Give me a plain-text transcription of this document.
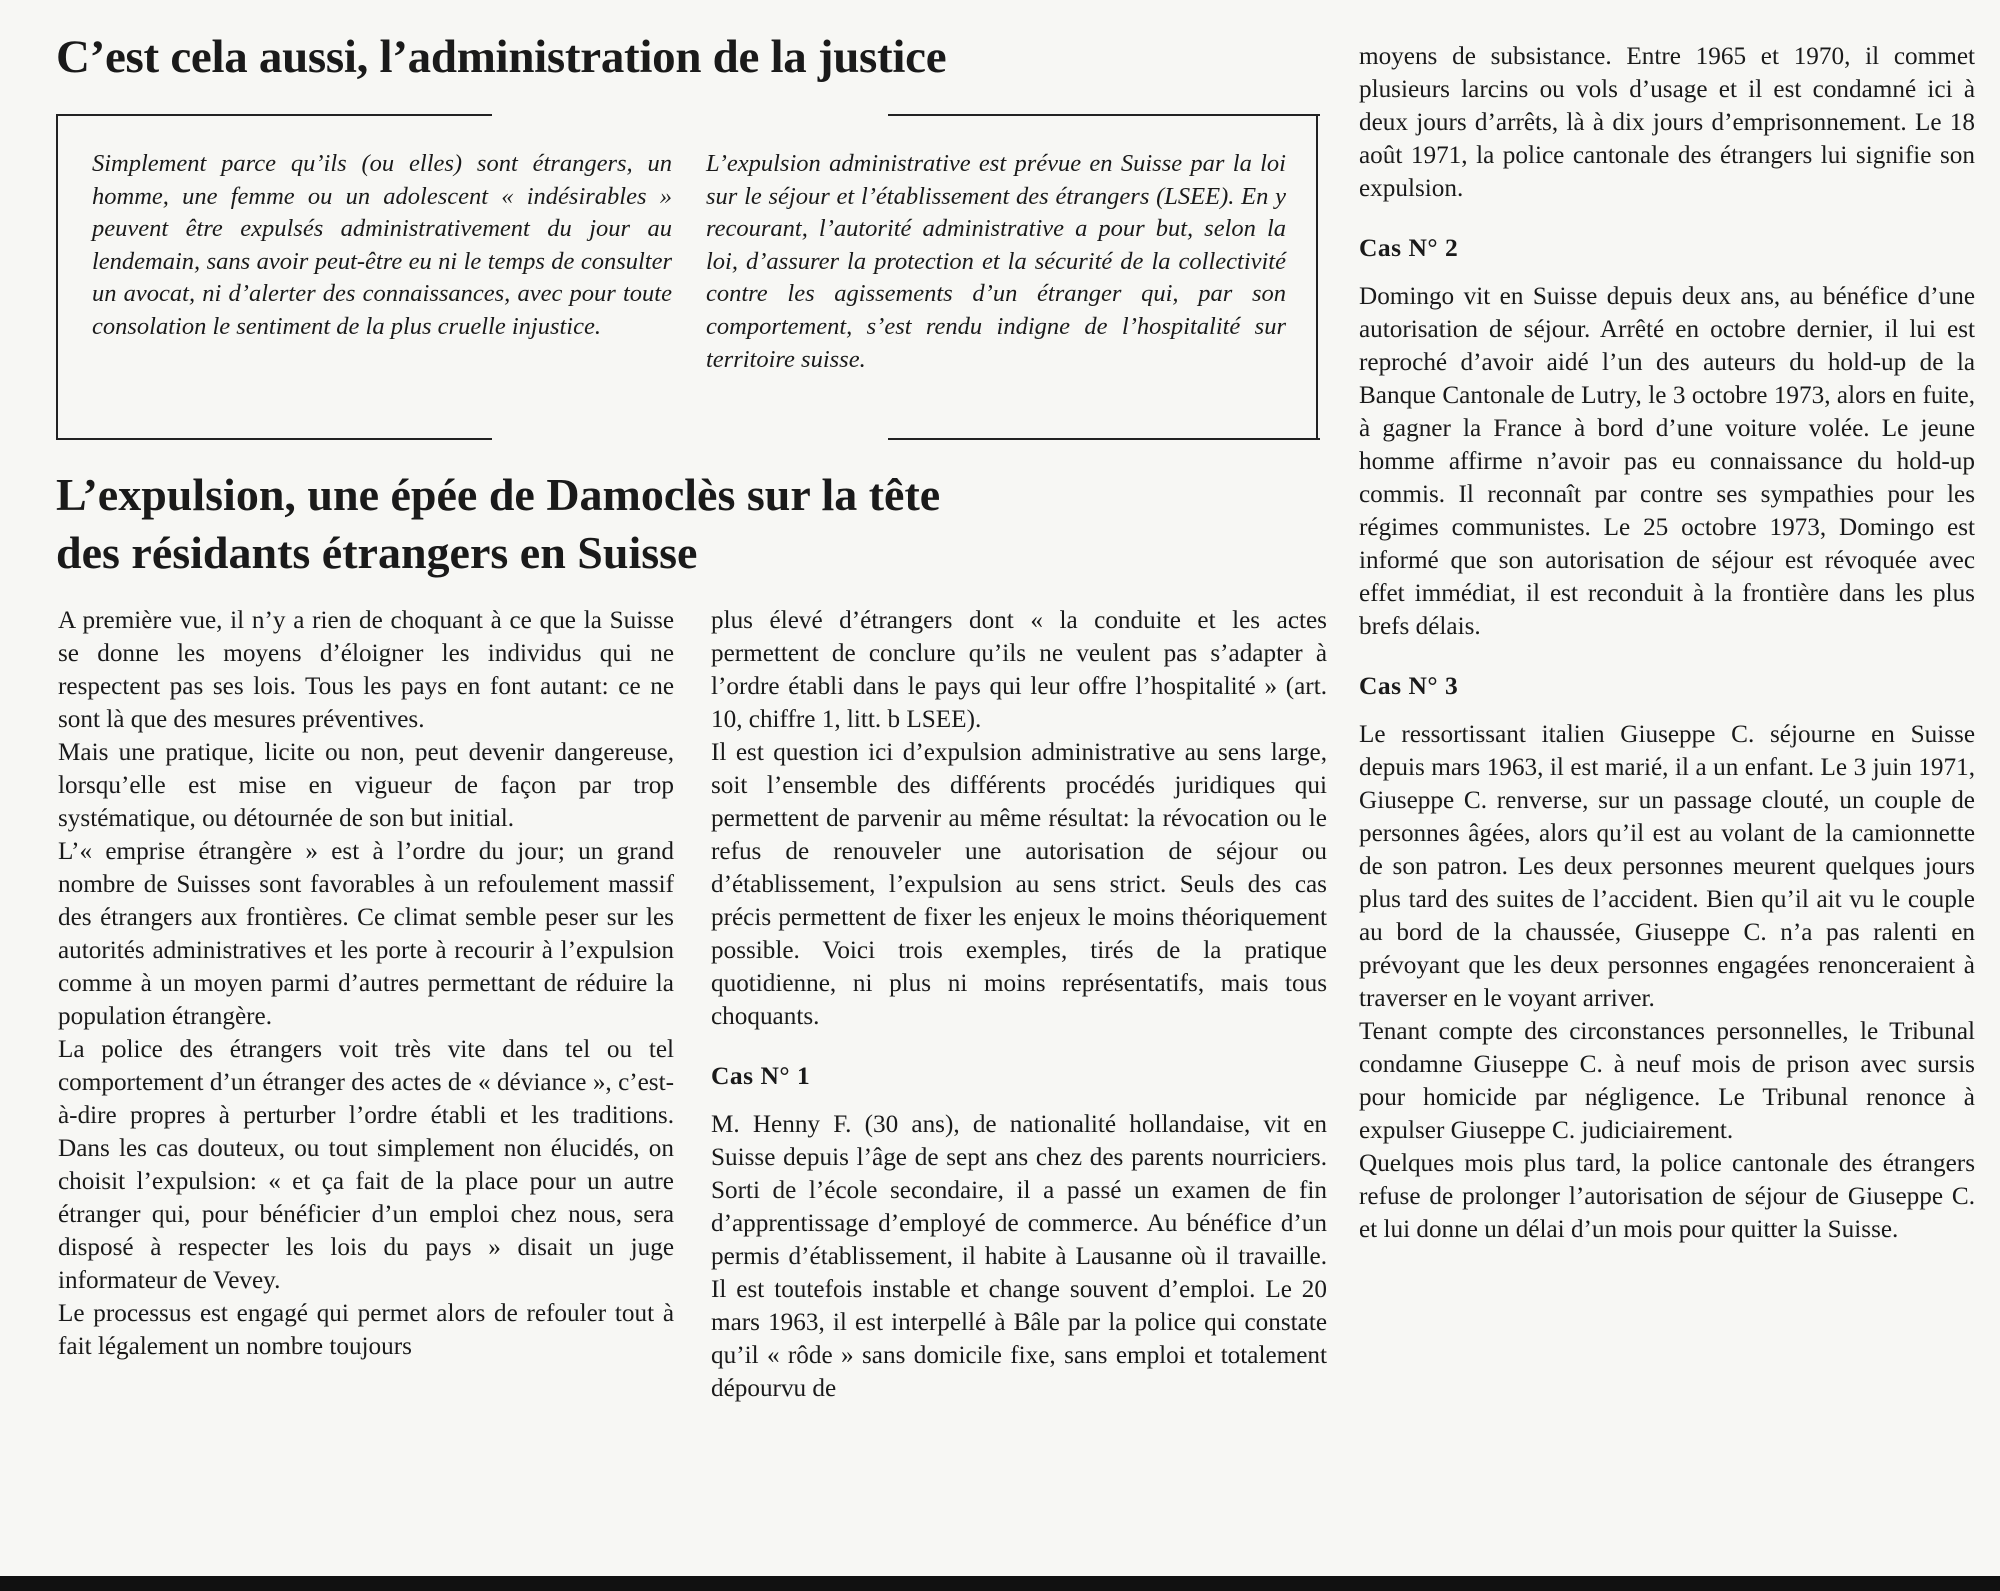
C’est cela aussi, l’administration de la justice

Simplement parce qu’ils (ou elles) sont étrangers, un homme, une femme ou un adolescent « indésirables » peuvent être expulsés administrativement du jour au lendemain, sans avoir peut-être eu ni le temps de consulter un avocat, ni d’alerter des connaissances, avec pour toute consolation le sentiment de la plus cruelle injustice.

L’expulsion administrative est prévue en Suisse par la loi sur le séjour et l’établissement des étrangers (LSEE). En y recourant, l’autorité administrative a pour but, selon la loi, d’assurer la protection et la sécurité de la collectivité contre les agissements d’un étranger qui, par son comportement, s’est rendu indigne de l’hospitalité sur territoire suisse.

L’expulsion, une épée de Damoclès sur la tête
des résidants étrangers en Suisse

A première vue, il n’y a rien de choquant à ce que la Suisse se donne les moyens d’éloigner les individus qui ne respectent pas ses lois. Tous les pays en font autant: ce ne sont là que des mesures préventives.

Mais une pratique, licite ou non, peut devenir dangereuse, lorsqu’elle est mise en vigueur de façon par trop systématique, ou détournée de son but initial.

L’« emprise étrangère » est à l’ordre du jour; un grand nombre de Suisses sont favorables à un refoulement massif des étrangers aux frontières. Ce climat semble peser sur les autorités administratives et les porte à recourir à l’expulsion comme à un moyen parmi d’autres permettant de réduire la population étrangère.

La police des étrangers voit très vite dans tel ou tel comportement d’un étranger des actes de « déviance », c’est-à-dire propres à perturber l’ordre établi et les traditions. Dans les cas douteux, ou tout simplement non élucidés, on choisit l’expulsion: « et ça fait de la place pour un autre étranger qui, pour bénéficier d’un emploi chez nous, sera disposé à respecter les lois du pays » disait un juge informateur de Vevey.

Le processus est engagé qui permet alors de refouler tout à fait légalement un nombre toujours

plus élevé d’étrangers dont « la conduite et les actes permettent de conclure qu’ils ne veulent pas s’adapter à l’ordre établi dans le pays qui leur offre l’hospitalité » (art. 10, chiffre 1, litt. b LSEE).

Il est question ici d’expulsion administrative au sens large, soit l’ensemble des différents procédés juridiques qui permettent de parvenir au même résultat: la révocation ou le refus de renouveler une autorisation de séjour ou d’établissement, l’expulsion au sens strict. Seuls des cas précis permettent de fixer les enjeux le moins théoriquement possible. Voici trois exemples, tirés de la pratique quotidienne, ni plus ni moins représentatifs, mais tous choquants.

Cas N° 1

M. Henny F. (30 ans), de nationalité hollandaise, vit en Suisse depuis l’âge de sept ans chez des parents nourriciers. Sorti de l’école secondaire, il a passé un examen de fin d’apprentissage d’employé de commerce. Au bénéfice d’un permis d’établissement, il habite à Lausanne où il travaille. Il est toutefois instable et change souvent d’emploi. Le 20 mars 1963, il est interpellé à Bâle par la police qui constate qu’il « rôde » sans domicile fixe, sans emploi et totalement dépourvu de

moyens de subsistance. Entre 1965 et 1970, il commet plusieurs larcins ou vols d’usage et il est condamné ici à deux jours d’arrêts, là à dix jours d’emprisonnement. Le 18 août 1971, la police cantonale des étrangers lui signifie son expulsion.

Cas N° 2

Domingo vit en Suisse depuis deux ans, au bénéfice d’une autorisation de séjour. Arrêté en octobre dernier, il lui est reproché d’avoir aidé l’un des auteurs du hold-up de la Banque Cantonale de Lutry, le 3 octobre 1973, alors en fuite, à gagner la France à bord d’une voiture volée. Le jeune homme affirme n’avoir pas eu connaissance du hold-up commis. Il reconnaît par contre ses sympathies pour les régimes communistes. Le 25 octobre 1973, Domingo est informé que son autorisation de séjour est révoquée avec effet immédiat, il est reconduit à la frontière dans les plus brefs délais.

Cas N° 3

Le ressortissant italien Giuseppe C. séjourne en Suisse depuis mars 1963, il est marié, il a un enfant. Le 3 juin 1971, Giuseppe C. renverse, sur un passage clouté, un couple de personnes âgées, alors qu’il est au volant de la camionnette de son patron. Les deux personnes meurent quelques jours plus tard des suites de l’accident. Bien qu’il ait vu le couple au bord de la chaussée, Giuseppe C. n’a pas ralenti en prévoyant que les deux personnes engagées renonceraient à traverser en le voyant arriver.

Tenant compte des circonstances personnelles, le Tribunal condamne Giuseppe C. à neuf mois de prison avec sursis pour homicide par négligence. Le Tribunal renonce à expulser Giuseppe C. judiciairement.

Quelques mois plus tard, la police cantonale des étrangers refuse de prolonger l’autorisation de séjour de Giuseppe C. et lui donne un délai d’un mois pour quitter la Suisse.
